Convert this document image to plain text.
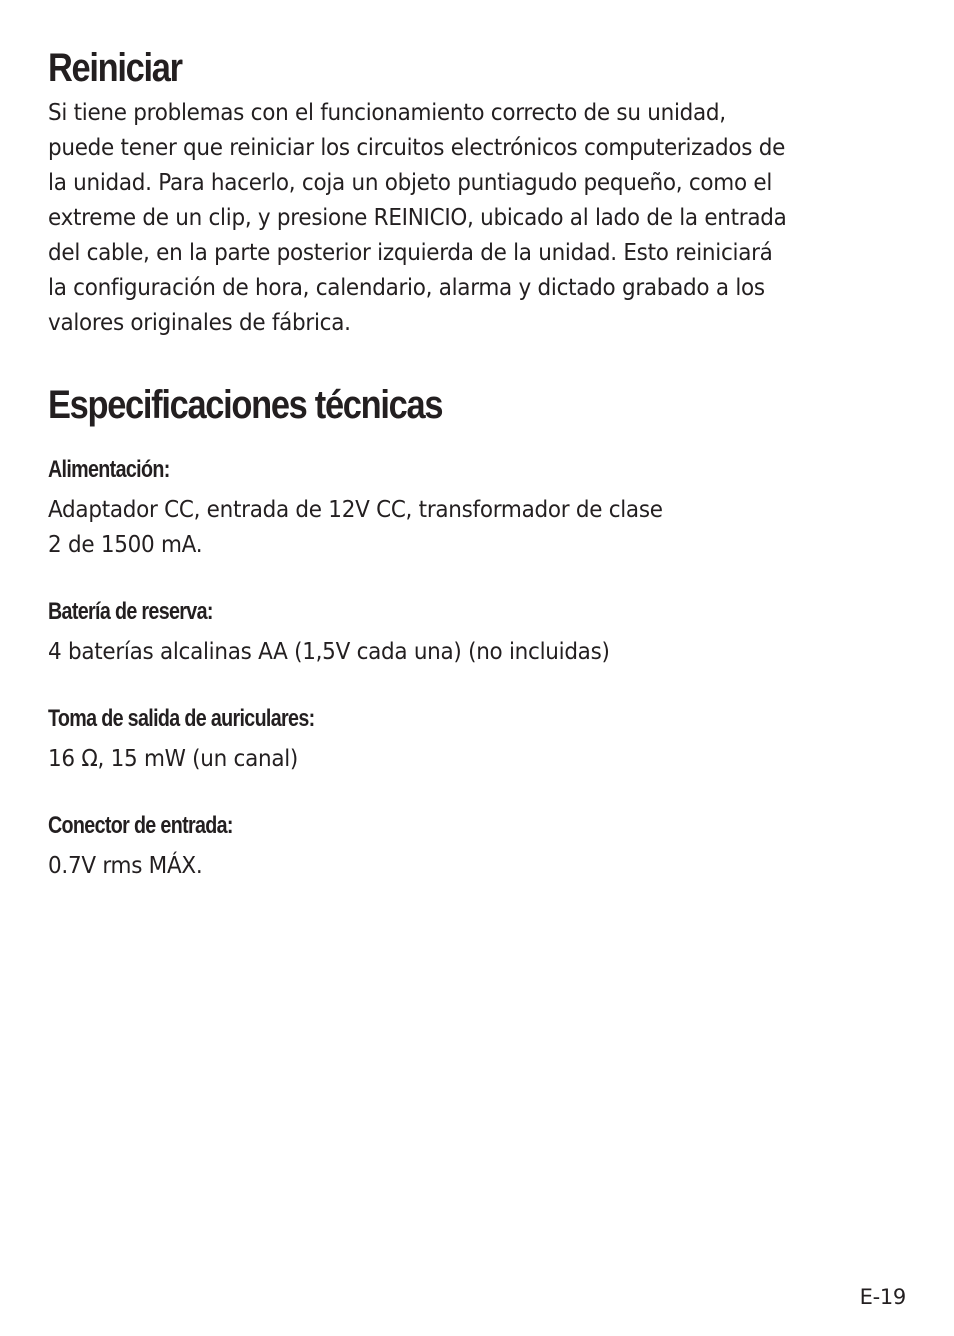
Reiniciar

Si tiene problemas con el funcionamiento correcto de su unidad,
puede tener que reiniciar los circuitos electrónicos computerizados de
la unidad. Para hacerlo, coja un objeto puntiagudo pequeño, como el
extreme de un clip, y presione REINICIO, ubicado al lado de la entrada
del cable, en la parte posterior izquierda de la unidad. Esto reiniciará
la configuración de hora, calendario, alarma y dictado grabado a los
valores originales de fábrica.

Especificaciones técnicas
Alimentación:

Adaptador CC, entrada de 12V CC, transformador de clase
2 de 1500 mA.

Batería de reserva:

4 baterías alcalinas AA (1,5V cada una) (no incluidas)

Toma de salida de auriculares:

16 Ω, 15 mW (un canal)

Conector de entrada:

0.7V rms MÁX.

E-19
